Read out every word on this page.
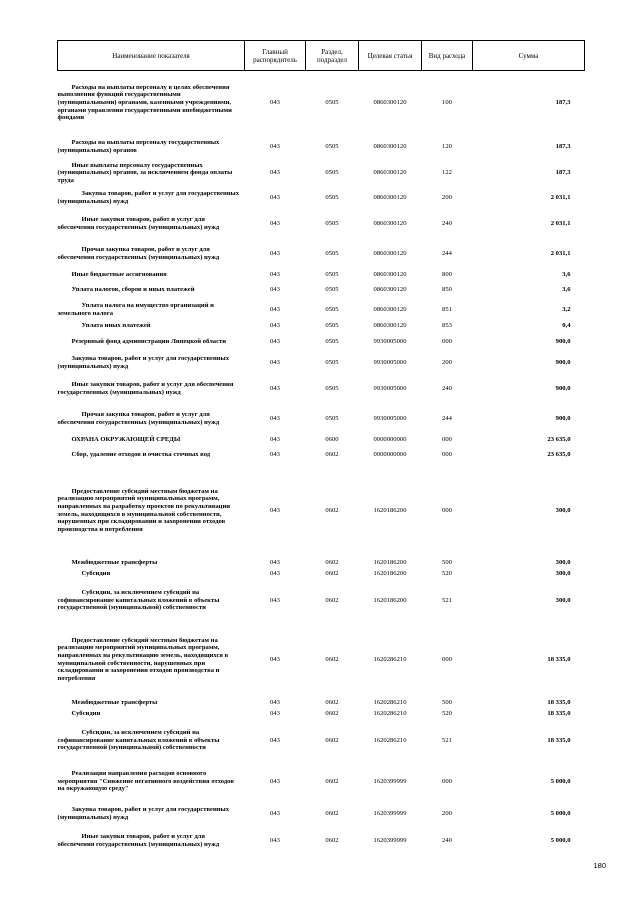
Наименование показателя	Главный распорядитель	Раздел, подраздел	Целевая статья	Вид расхода	Сумма
Расходы на выплаты персоналу в целях обеспечения выполнения функций государственными (муниципальными) органами, казенными учреждениями, органами управления государственными внебюджетными фондами	043	0505	0860300120	100	187,3
Расходы на выплаты персоналу государственных (муниципальных) органов	043	0505	0860300120	120	187,3
Иные выплаты персоналу государственных (муниципальных) органов, за исключением фонда оплаты труда	043	0505	0860300120	122	187,3
Закупка товаров, работ и услуг для государственных (муниципальных) нужд	043	0505	0860300120	200	2 031,1
Иные закупки товаров, работ и услуг для обеспечения государственных (муниципальных) нужд	043	0505	0860300120	240	2 031,1
Прочая закупка товаров, работ и услуг для обеспечения государственных (муниципальных) нужд	043	0505	0860300120	244	2 031,1
Иные бюджетные ассигнования	043	0505	0860300120	800	3,6
Уплата налогов, сборов и иных платежей	043	0505	0860300120	850	3,6
Уплата налога на имущество организаций и земельного налога	043	0505	0860300120	851	3,2
Уплата иных платежей	043	0505	0860300120	853	0,4
Резервный фонд администрации Липецкой области	043	0505	9930005000	000	900,0
Закупка товаров, работ и услуг для государственных (муниципальных) нужд	043	0505	9930005000	200	900,0
Иные закупки товаров, работ и услуг для обеспечения государственных (муниципальных) нужд	043	0505	9930005000	240	900,0
Прочая закупка товаров, работ и услуг для обеспечения государственных (муниципальных) нужд	043	0505	9930005000	244	900,0
ОХРАНА ОКРУЖАЮЩЕЙ СРЕДЫ	043	0600	0000000000	000	23 635,0
Сбор, удаление отходов и очистка сточных вод	043	0602	0000000000	000	23 635,0
Предоставление субсидий местным бюджетам на реализацию мероприятий муниципальных программ, направленных на разработку проектов по рекультивации земель, находящихся в муниципальной собственности, нарушенных при складировании и захоронении отходов производства и потребления	043	0602	1620186200	000	300,0
Межбюджетные трансферты	043	0602	1620186200	500	300,0
Субсидии	043	0602	1620186200	520	300,0
Субсидии, за исключением субсидий на софинансирование капитальных вложений в объекты государственной (муниципальной) собственности	043	0602	1620186200	521	300,0
Предоставление субсидий местным бюджетам на реализацию мероприятий муниципальных программ, направленных на рекультивацию земель, находящихся в муниципальной собственности, нарушенных при складировании и захоронении отходов производства и потребления	043	0602	1620286210	000	18 335,0
Межбюджетные трансферты	043	0602	1620286210	500	18 335,0
Субсидии	043	0602	1620286210	520	18 335,0
Субсидии, за исключением субсидий на софинансирование капитальных вложений в объекты государственной (муниципальной) собственности	043	0602	1620286210	521	18 335,0
Реализация направления расходов основного мероприятия "Снижение негативного воздействия отходов на окружающую среду"	043	0602	1620399999	000	5 000,0
Закупка товаров, работ и услуг для государственных (муниципальных) нужд	043	0602	1620399999	200	5 000,0
Иные закупки товаров, работ и услуг для обеспечения государственных (муниципальных) нужд	043	0602	1620399999	240	5 000,0
180
